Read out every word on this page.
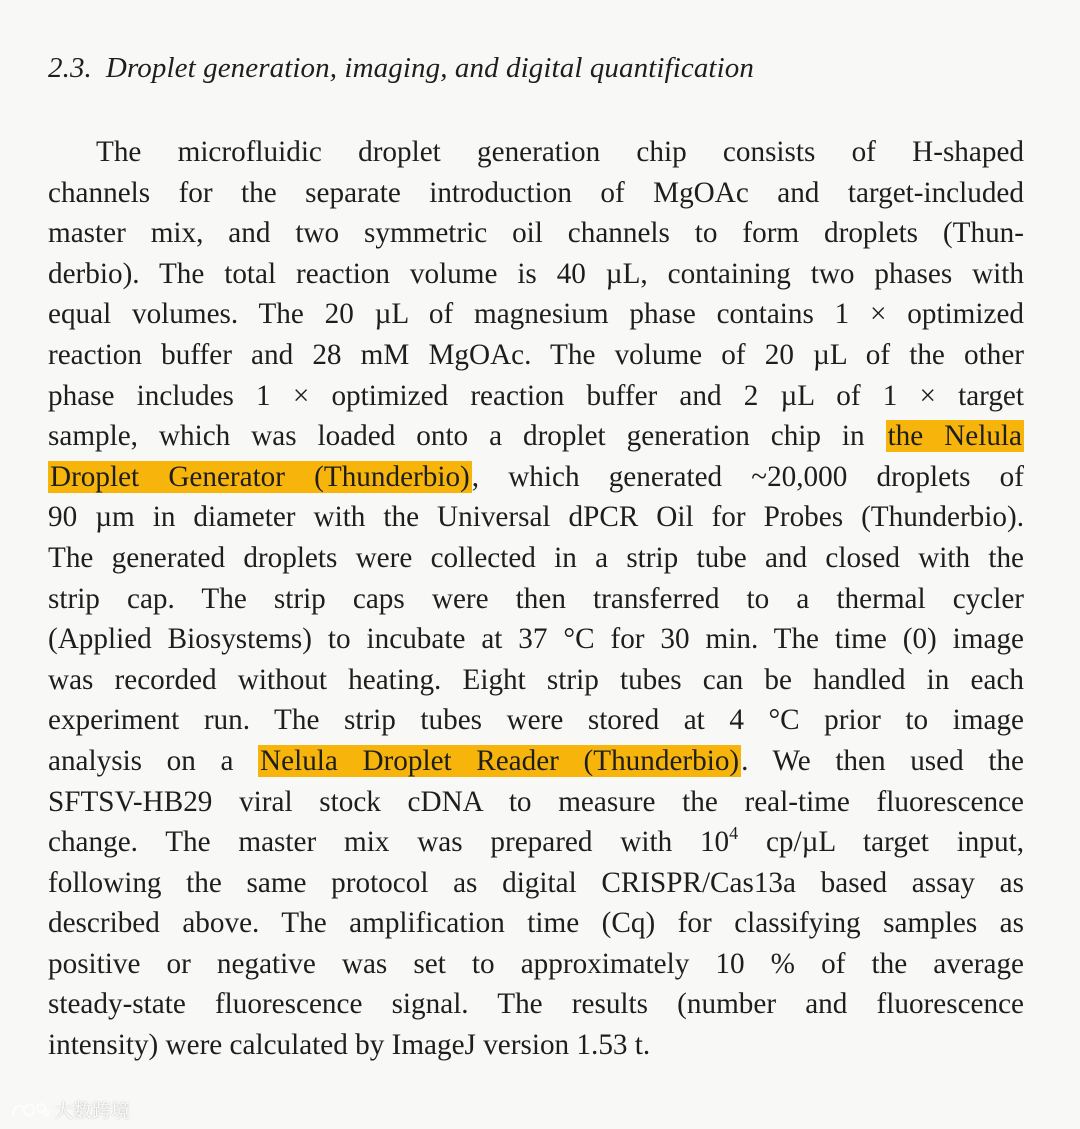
2.3. Droplet generation, imaging, and digital quantification
The microfluidic droplet generation chip consists of H-shaped
channels for the separate introduction of MgOAc and target-included
master mix, and two symmetric oil channels to form droplets (Thun-
derbio). The total reaction volume is 40 µL, containing two phases with
equal volumes. The 20 µL of magnesium phase contains 1 × optimized
reaction buffer and 28 mM MgOAc. The volume of 20 µL of the other
phase includes 1 × optimized reaction buffer and 2 µL of 1 × target
sample, which was loaded onto a droplet generation chip in the Nelula
Droplet Generator (Thunderbio), which generated ~20,000 droplets of
90 µm in diameter with the Universal dPCR Oil for Probes (Thunderbio).
The generated droplets were collected in a strip tube and closed with the
strip cap. The strip caps were then transferred to a thermal cycler
(Applied Biosystems) to incubate at 37 °C for 30 min. The time (0) image
was recorded without heating. Eight strip tubes can be handled in each
experiment run. The strip tubes were stored at 4 °C prior to image
analysis on a Nelula Droplet Reader (Thunderbio). We then used the
SFTSV-HB29 viral stock cDNA to measure the real-time fluorescence
change. The master mix was prepared with $10^4$ cp/µL target input,
following the same protocol as digital CRISPR/Cas13a based assay as
described above. The amplification time (Cq) for classifying samples as
positive or negative was set to approximately 10 % of the average
steady-state fluorescence signal. The results (number and fluorescence
intensity) were calculated by ImageJ version 1.53 t.
大数跨境
